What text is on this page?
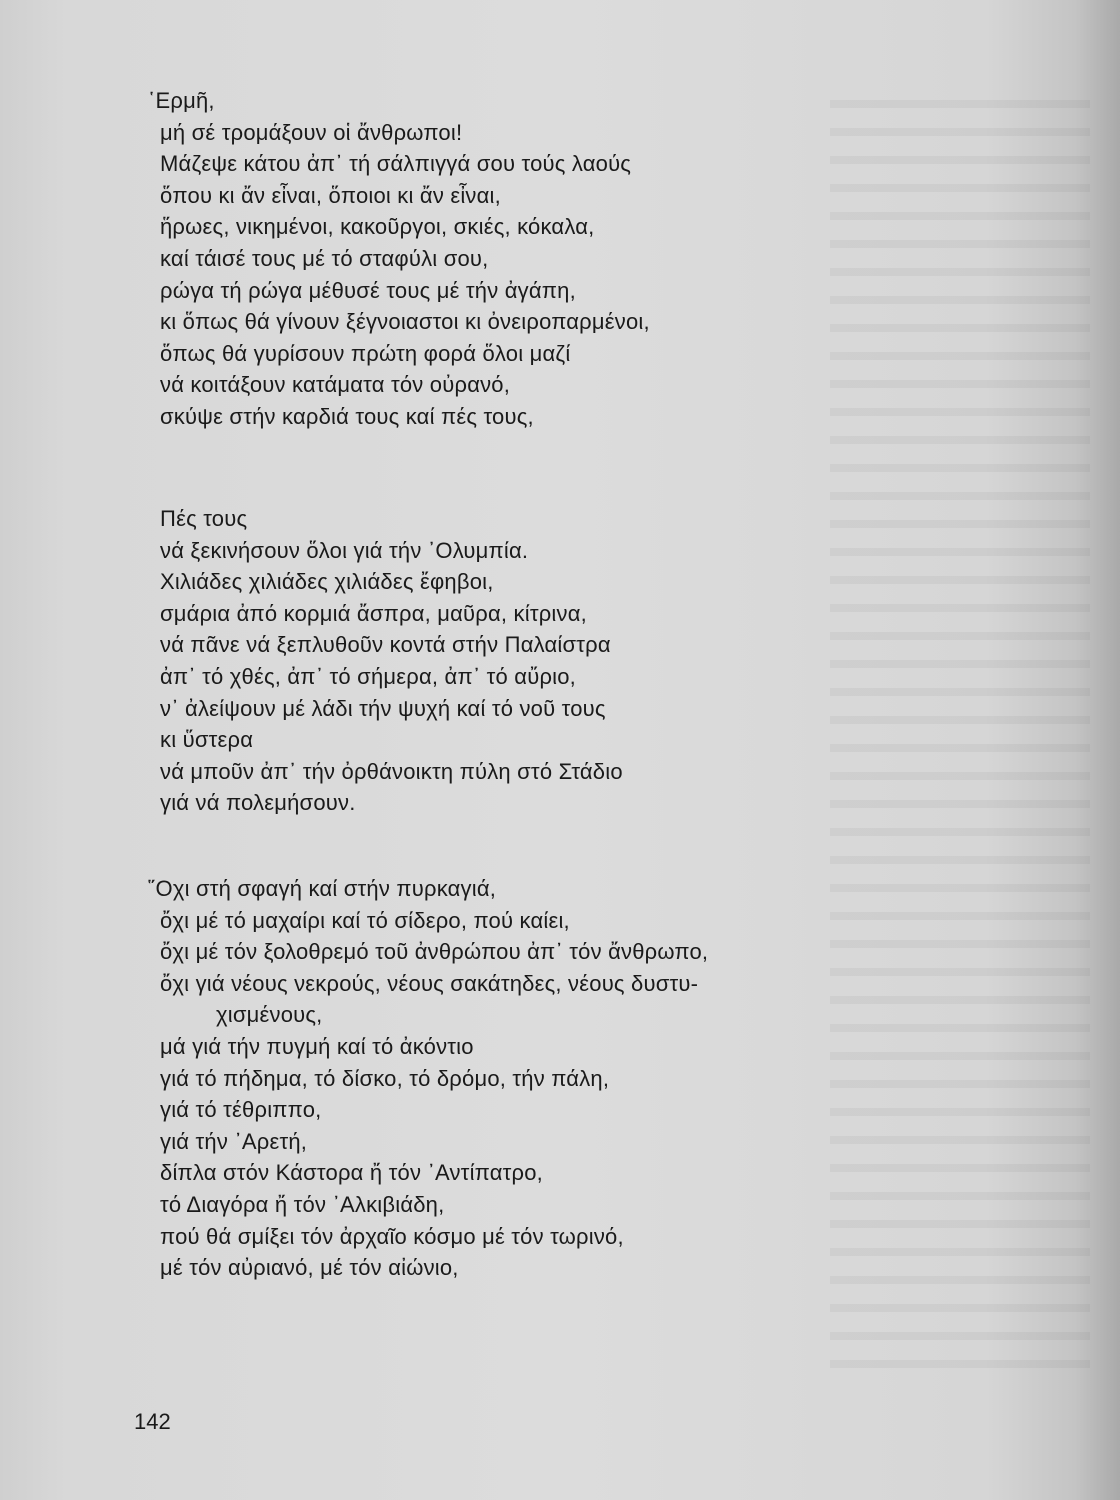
῾Ερμῆ,
μή σέ τρομάξουν οἱ ἄνθρωποι!
Μάζεψε κάτου ἀπ᾽ τή σάλπιγγά σου τούς λαούς
ὅπου κι ἄν εἶναι, ὅποιοι κι ἄν εἶναι,
ἥρωες, νικημένοι, κακοῦργοι, σκιές, κόκαλα,
καί τάισέ τους μέ τό σταφύλι σου,
ρώγα τή ρώγα μέθυσέ τους μέ τήν ἀγάπη,
κι ὅπως θά γίνουν ξέγνοιαστοι κι ὀνειροπαρμένοι,
ὅπως θά γυρίσουν πρώτη φορά ὅλοι μαζί
νά κοιτάξουν κατάματα τόν οὐρανό,
σκύψε στήν καρδιά τους καί πές τους,
Πές τους
νά ξεκινήσουν ὅλοι γιά τήν ᾿Ολυμπία.
Χιλιάδες χιλιάδες χιλιάδες ἔφηβοι,
σμάρια ἀπό κορμιά ἄσπρα, μαῦρα, κίτρινα,
νά πᾶνε νά ξεπλυθοῦν κοντά στήν Παλαίστρα
ἀπ᾽ τό χθές, ἀπ᾽ τό σήμερα, ἀπ᾽ τό αὔριο,
ν᾽ ἀλείψουν μέ λάδι τήν ψυχή καί τό νοῦ τους
κι ὕστερα
νά μποῦν ἀπ᾽ τήν ὀρθάνοικτη πύλη στό Στάδιο
γιά νά πολεμήσουν.
῞Οχι στή σφαγή καί στήν πυρκαγιά,
ὄχι μέ τό μαχαίρι καί τό σίδερο, πού καίει,
ὄχι μέ τόν ξολοθρεμό τοῦ ἀνθρώπου ἀπ᾽ τόν ἄνθρωπο,
ὄχι γιά νέους νεκρούς, νέους σακάτηδες, νέους δυστυ-
χισμένους,
μά γιά τήν πυγμή καί τό ἀκόντιο
γιά τό πήδημα, τό δίσκο, τό δρόμο, τήν πάλη,
γιά τό τέθριππο,
γιά τήν ᾿Αρετή,
δίπλα στόν Κάστορα ἤ τόν ᾿Αντίπατρο,
τό Διαγόρα ἤ τόν ᾿Αλκιβιάδη,
πού θά σμίξει τόν ἀρχαῖο κόσμο μέ τόν τωρινό,
μέ τόν αὐριανό, μέ τόν αἰώνιο,
142
